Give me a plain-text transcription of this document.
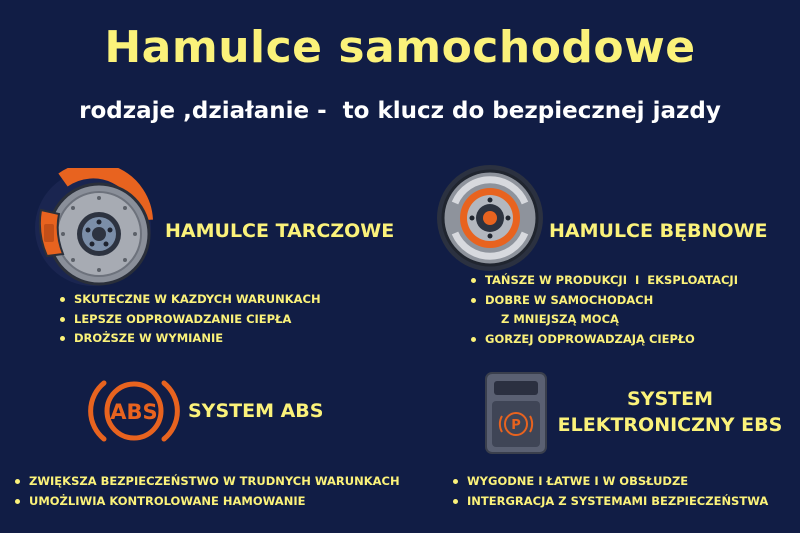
Hamulce samochodowe
rodzaje ,działanie -  to klucz do bezpiecznej jazdy
HAMULCE TARCZOWE
SKUTECZNE W KAZDYCH WARUNKACH
LEPSZE ODPROWADZANIE CIEPŁA
DROŻSZE W WYMIANIE
HAMULCE BĘBNOWE
TAŃSZE W PRODUKCJI  I  EKSPLOATACJI
DOBRE W SAMOCHODACH
Z MNIEJSZĄ MOCĄ
GORZEJ ODPROWADZAJĄ CIEPŁO
ABS SYSTEM ABS
ZWIĘKSZA BEZPIECZEŃSTWO W TRUDNYCH WARUNKACH
UMOŻLIWIA KONTROLOWANE HAMOWANIE
P
SYSTEM
ELEKTRONICZNY EBS
WYGODNE I ŁATWE I W OBSŁUDZE
INTERGRACJA Z SYSTEMAMI BEZPIECZEŃSTWA
